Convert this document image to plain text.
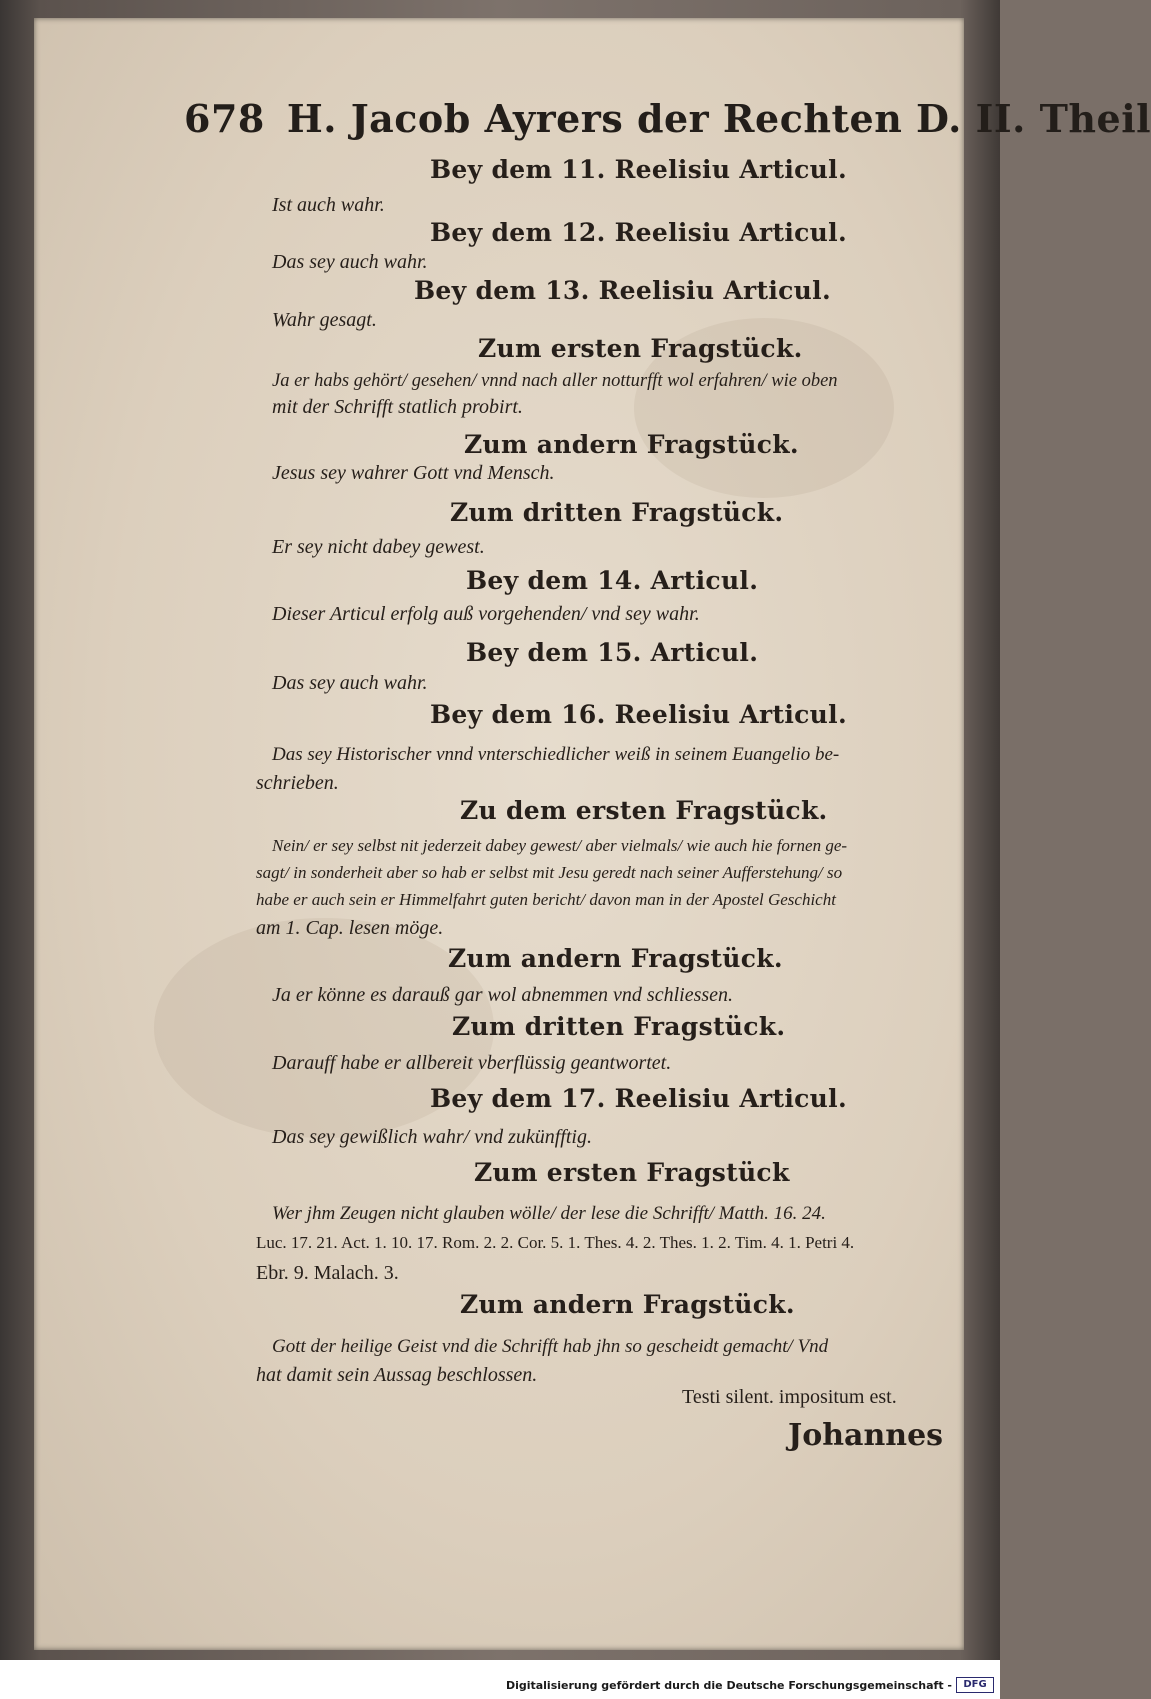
678 H. Jacob Ayrers der Rechten D. II. Theil
Bey dem 11. Reelisiu Articul.
Ist auch wahr.
Bey dem 12. Reelisiu Articul.
Das sey auch wahr.
Bey dem 13. Reelisiu Articul.
Wahr gesagt.
Zum ersten Fragstück.
Ja er habs gehört/ gesehen/ vnnd nach aller notturfft wol erfahren/ wie oben
mit der Schrifft statlich probirt.
Zum andern Fragstück.
Jesus sey wahrer Gott vnd Mensch.
Zum dritten Fragstück.
Er sey nicht dabey gewest.
Bey dem 14. Articul.
Dieser Articul erfolg auß vorgehenden/ vnd sey wahr.
Bey dem 15. Articul.
Das sey auch wahr.
Bey dem 16. Reelisiu Articul.
Das sey Historischer vnnd vnterschiedlicher weiß in seinem Euangelio be-
schrieben.
Zu dem ersten Fragstück.
Nein/ er sey selbst nit jederzeit dabey gewest/ aber vielmals/ wie auch hie fornen ge-
sagt/ in sonderheit aber so hab er selbst mit Jesu geredt nach seiner Aufferstehung/ so
habe er auch sein er Himmelfahrt guten bericht/ davon man in der Apostel Geschicht
am 1. Cap. lesen möge.
Zum andern Fragstück.
Ja er könne es darauß gar wol abnemmen vnd schliessen.
Zum dritten Fragstück.
Darauff habe er allbereit vberflüssig geantwortet.
Bey dem 17. Reelisiu Articul.
Das sey gewißlich wahr/ vnd zukünfftig.
Zum ersten Fragstück
Wer jhm Zeugen nicht glauben wölle/ der lese die Schrifft/ Matth. 16. 24.
Luc. 17. 21. Act. 1. 10. 17. Rom. 2. 2. Cor. 5. 1. Thes. 4. 2. Thes. 1. 2. Tim. 4. 1. Petri 4.
Ebr. 9. Malach. 3.
Zum andern Fragstück.
Gott der heilige Geist vnd die Schrifft hab jhn so gescheidt gemacht/ Vnd
hat damit sein Aussag beschlossen.
Testi silent. impositum est.
Johannes
Digitalisierung gefördert durch die Deutsche Forschungsgemeinschaft -	DFG
